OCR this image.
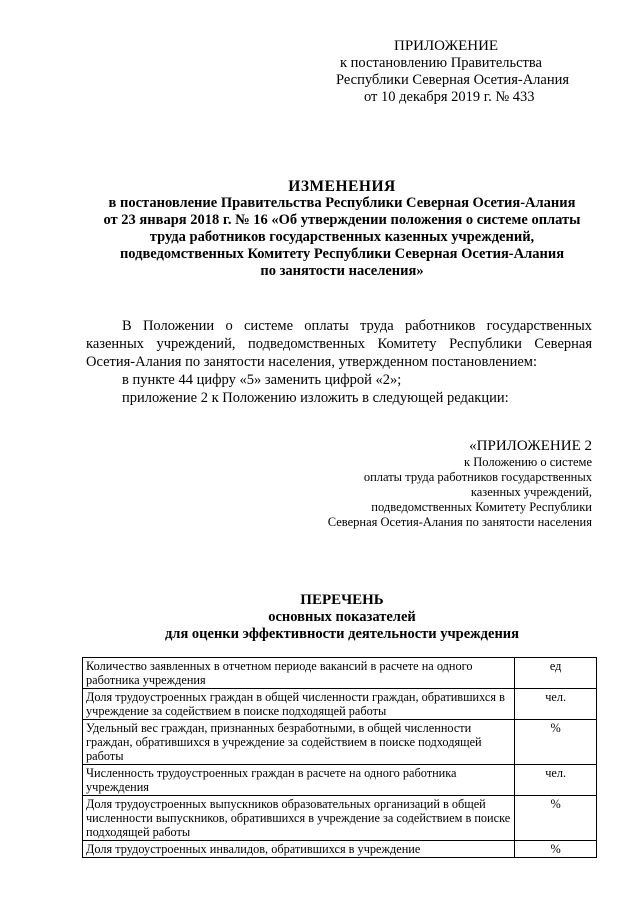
ПРИЛОЖЕНИЕ
к постановлению Правительства
Республики Северная Осетия-Алания
от 10 декабря 2019 г. № 433
ИЗМЕНЕНИЯ
в постановление Правительства Республики Северная Осетия-Алания
от 23 января 2018 г. № 16 «Об утверждении положения о системе оплаты
труда работников государственных казенных учреждений,
подведомственных Комитету Республики Северная Осетия-Алания
по занятости населения»

В Положении о системе оплаты труда работников государственных казенных учреждений, подведомственных Комитету Республики Северная Осетия-Алания по занятости населения, утвержденном постановлением:

в пункте 44 цифру «5» заменить цифрой «2»;

приложение 2 к Положению изложить в следующей редакции:

«ПРИЛОЖЕНИЕ 2
к Положению о системе
оплаты труда работников государственных
казенных учреждений,
подведомственных Комитету Республики
Северная Осетия-Алания по занятости населения
ПЕРЕЧЕНЬ
основных показателей
для оценки эффективности деятельности учреждения
Количество заявленных в отчетном периоде вакансий в расчете на одного работника учреждения	ед
Доля трудоустроенных граждан в общей численности граждан, обратившихся в учреждение за содействием в поиске подходящей работы	чел.
Удельный вес граждан, признанных безработными, в общей численности граждан, обратившихся в учреждение за содействием в поиске подходящей работы	%
Численность трудоустроенных граждан в расчете на одного работника учреждения	чел.
Доля трудоустроенных выпускников образовательных организаций в общей численности выпускников, обратившихся в учреждение за содействием в поиске подходящей работы	%
Доля трудоустроенных инвалидов, обратившихся в учреждение	%
